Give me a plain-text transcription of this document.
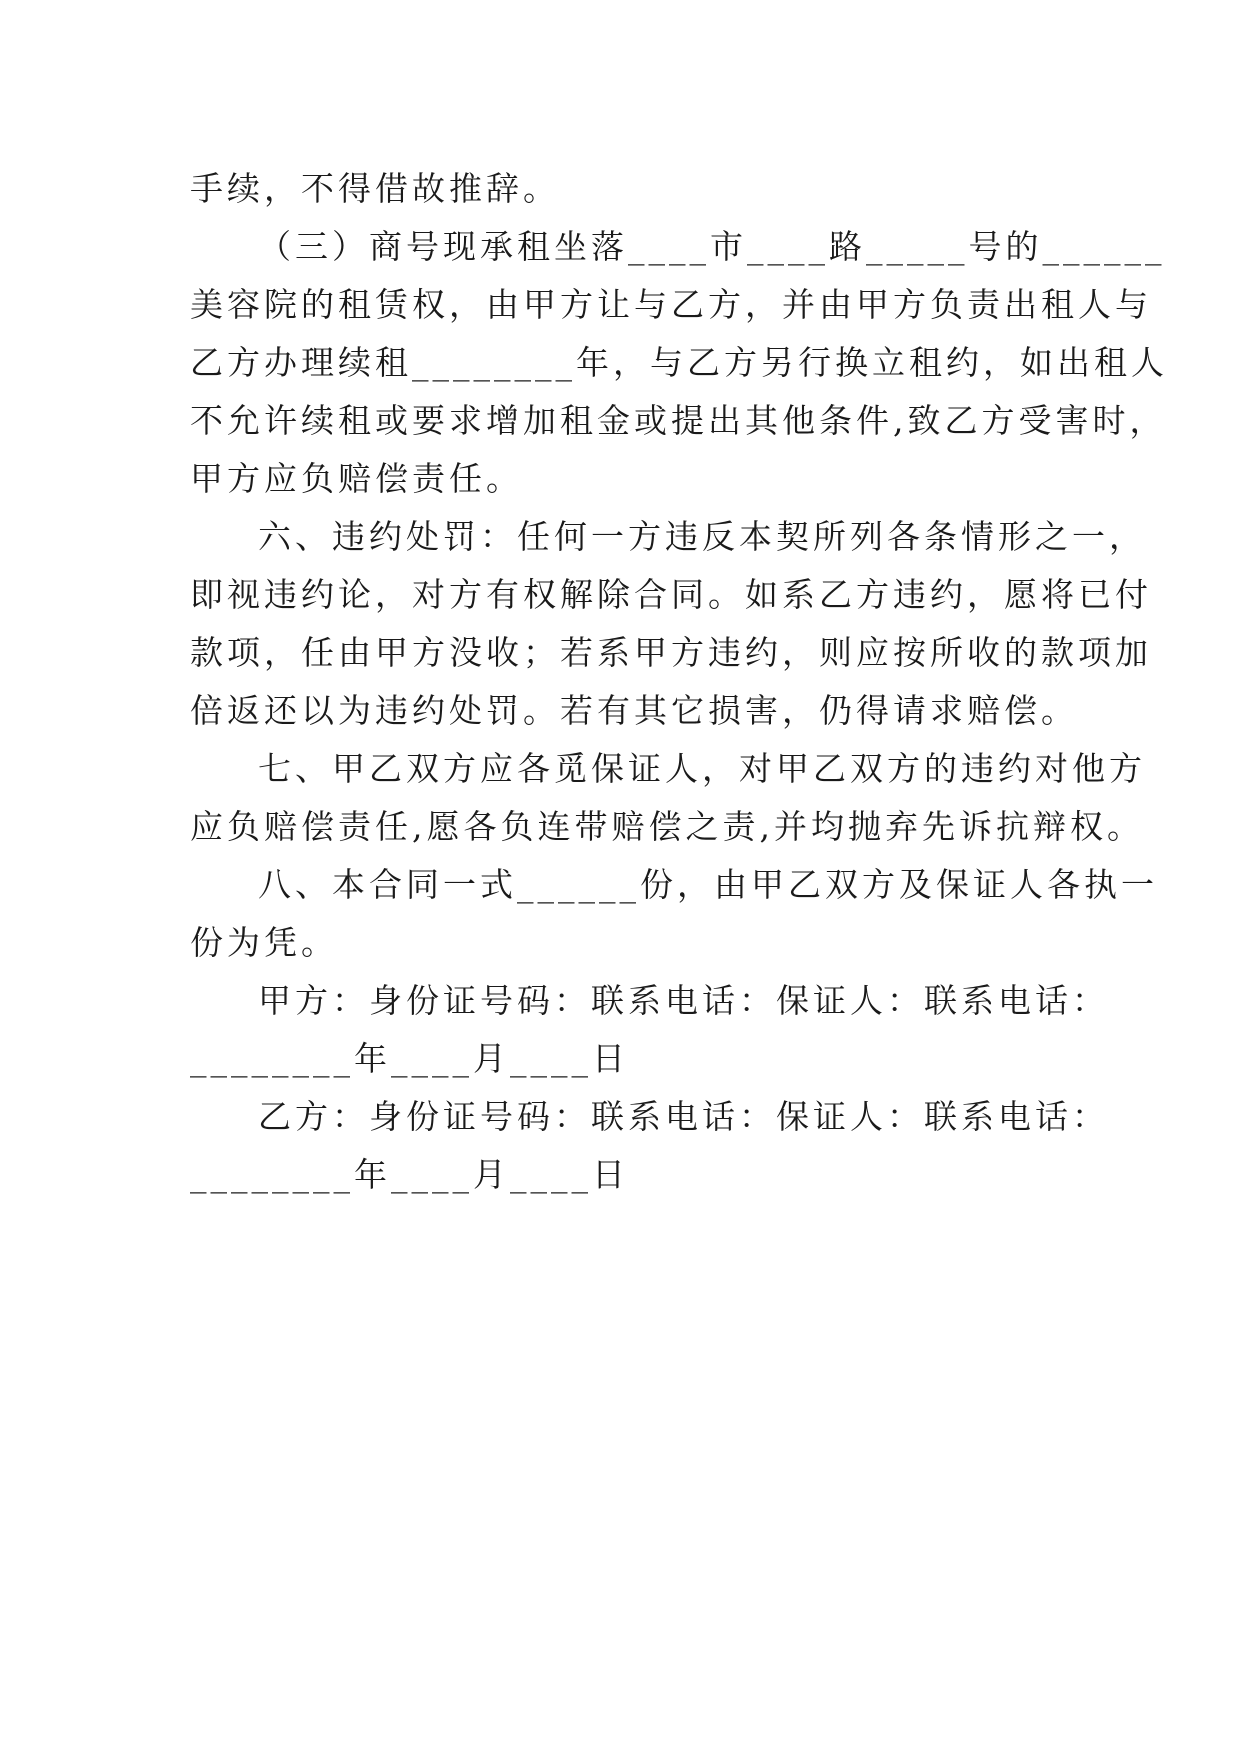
手续，不得借故推辞。
（三）商号现承租坐落____市____路_____号的______
美容院的租赁权，由甲方让与乙方，并由甲方负责出租人与
乙方办理续租________年，与乙方另行换立租约，如出租人
不允许续租或要求增加租金或提出其他条件,致乙方受害时，
甲方应负赔偿责任。
六、违约处罚：任何一方违反本契所列各条情形之一，
即视违约论，对方有权解除合同。如系乙方违约，愿将已付
款项，任由甲方没收；若系甲方违约，则应按所收的款项加
倍返还以为违约处罚。若有其它损害，仍得请求赔偿。
七、甲乙双方应各觅保证人，对甲乙双方的违约对他方
应负赔偿责任,愿各负连带赔偿之责,并均抛弃先诉抗辩权。
八、本合同一式______份，由甲乙双方及保证人各执一
份为凭。
甲方：身份证号码：联系电话：保证人：联系电话：
________年____月____日
乙方：身份证号码：联系电话：保证人：联系电话：
________年____月____日
